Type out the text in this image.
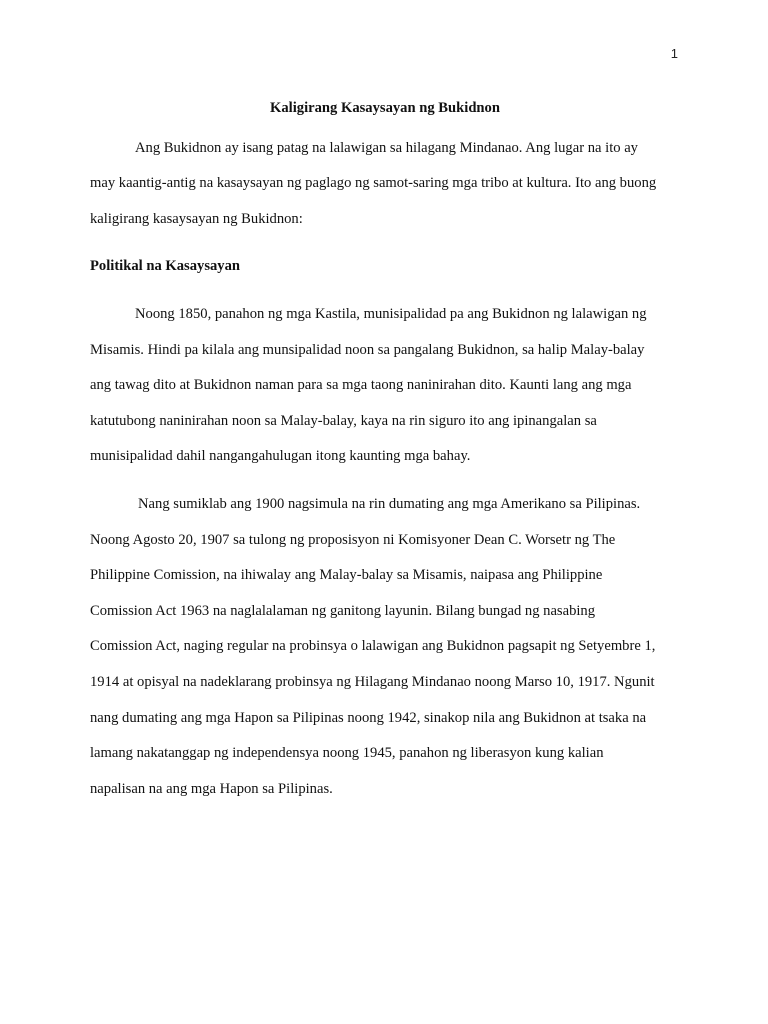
1
Kaligirang Kasaysayan ng Bukidnon
Ang Bukidnon ay isang patag na lalawigan sa hilagang Mindanao. Ang lugar na ito ay
may kaantig-antig na kasaysayan ng paglago ng samot-saring mga tribo at kultura. Ito ang buong
kaligirang kasaysayan ng Bukidnon:
Politikal na Kasaysayan
Noong 1850, panahon ng mga Kastila, munisipalidad pa ang Bukidnon ng lalawigan ng
Misamis. Hindi pa kilala ang munsipalidad noon sa pangalang Bukidnon, sa halip Malay-balay
ang tawag dito at Bukidnon naman para sa mga taong naninirahan dito. Kaunti lang ang mga
katutubong naninirahan noon sa Malay-balay, kaya na rin siguro ito ang ipinangalan sa
munisipalidad dahil nangangahulugan itong kaunting mga bahay.
Nang sumiklab ang 1900 nagsimula na rin dumating ang mga Amerikano sa Pilipinas.
Noong Agosto 20, 1907 sa tulong ng proposisyon ni Komisyoner Dean C. Worsetr ng The
Philippine Comission, na ihiwalay ang Malay-balay sa Misamis, naipasa ang Philippine
Comission Act 1963 na naglalalaman ng ganitong layunin. Bilang bungad ng nasabing
Comission Act, naging regular na probinsya o lalawigan ang Bukidnon pagsapit ng Setyembre 1,
1914 at opisyal na nadeklarang probinsya ng Hilagang Mindanao noong Marso 10, 1917. Ngunit
nang dumating ang mga Hapon sa Pilipinas noong 1942, sinakop nila ang Bukidnon at tsaka na
lamang nakatanggap ng independensya noong 1945, panahon ng liberasyon kung kalian
napalisan na ang mga Hapon sa Pilipinas.
